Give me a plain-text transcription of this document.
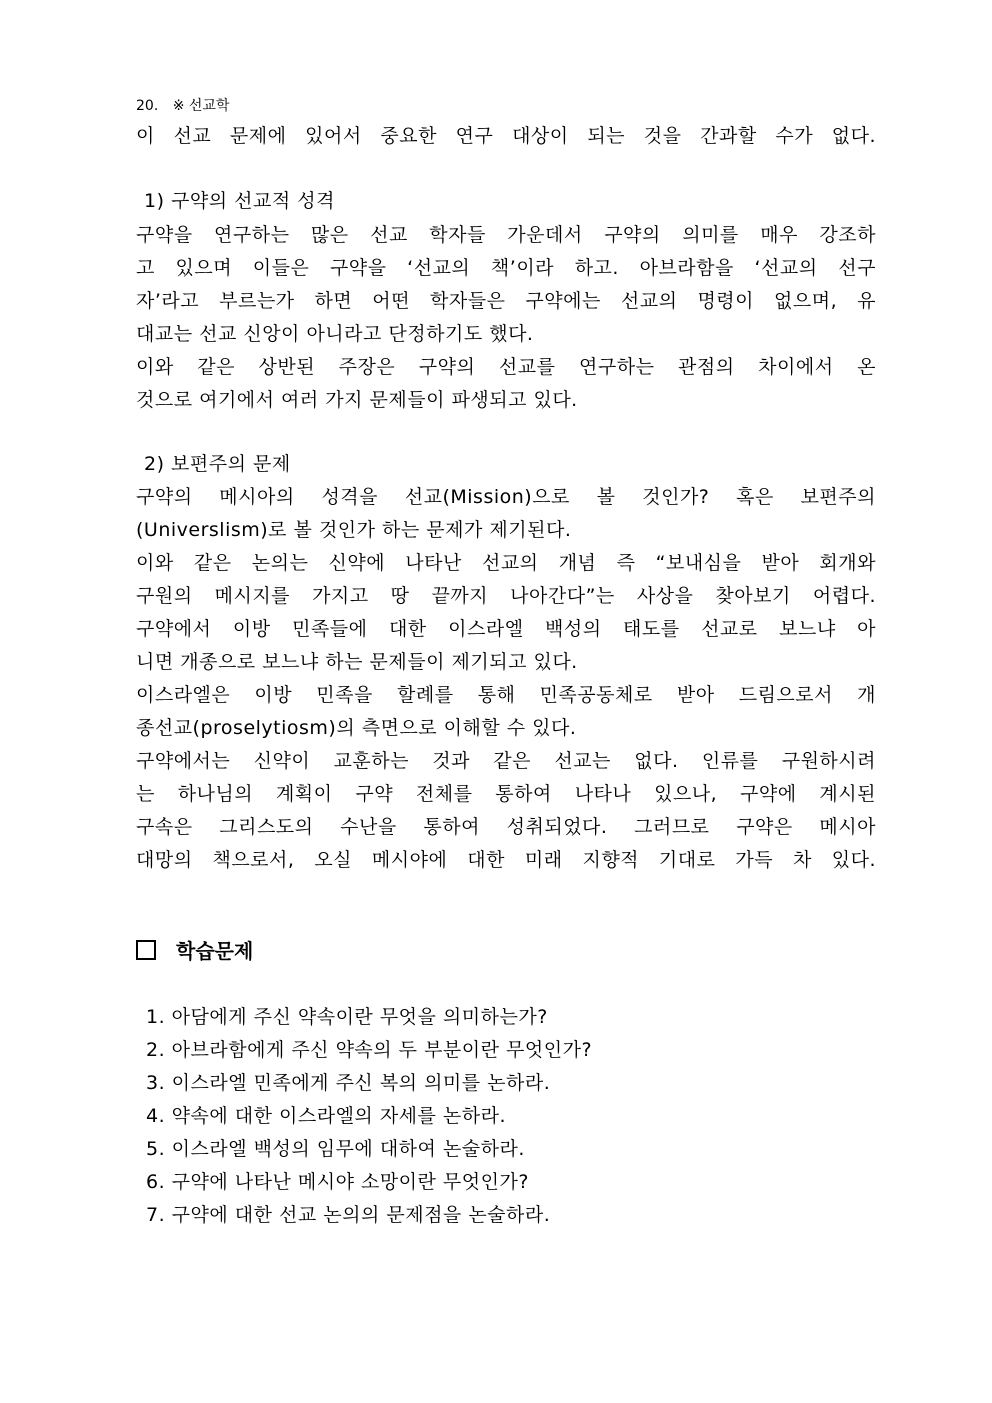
20. ※ 선교학
이 선교 문제에 있어서 중요한 연구 대상이 되는 것을 간과할 수가 없다.
1) 구약의 선교적 성격
구약을 연구하는 많은 선교 학자들 가운데서 구약의 의미를 매우 강조하
고 있으며 이들은 구약을 ‘선교의 책’이라 하고. 아브라함을 ‘선교의 선구
자’라고 부르는가 하면 어떤 학자들은 구약에는 선교의 명령이 없으며, 유
대교는 선교 신앙이 아니라고 단정하기도 했다.
이와 같은 상반된 주장은 구약의 선교를 연구하는 관점의 차이에서 온
것으로 여기에서 여러 가지 문제들이 파생되고 있다.
2) 보편주의 문제
구약의 메시아의 성격을 선교(Mission)으로 볼 것인가? 혹은 보편주의
(Universlism)로 볼 것인가 하는 문제가 제기된다.
이와 같은 논의는 신약에 나타난 선교의 개념 즉 “보내심을 받아 회개와
구원의 메시지를 가지고 땅 끝까지 나아간다”는 사상을 찾아보기 어렵다.
구약에서 이방 민족들에 대한 이스라엘 백성의 태도를 선교로 보느냐 아
니면 개종으로 보느냐 하는 문제들이 제기되고 있다.
이스라엘은 이방 민족을 할례를 통해 민족공동체로 받아 드림으로서 개
종선교(proselytiosm)의 측면으로 이해할 수 있다.
구약에서는 신약이 교훈하는 것과 같은 선교는 없다. 인류를 구원하시려
는 하나님의 계획이 구약 전체를 통하여 나타나 있으나, 구약에 계시된
구속은 그리스도의 수난을 통하여 성취되었다. 그러므로 구약은 메시아
대망의 책으로서, 오실 메시야에 대한 미래 지향적 기대로 가득 차 있다.
학습문제
1. 아담에게 주신 약속이란 무엇을 의미하는가?
2. 아브라함에게 주신 약속의 두 부분이란 무엇인가?
3. 이스라엘 민족에게 주신 복의 의미를 논하라.
4. 약속에 대한 이스라엘의 자세를 논하라.
5. 이스라엘 백성의 임무에 대하여 논술하라.
6. 구약에 나타난 메시야 소망이란 무엇인가?
7. 구약에 대한 선교 논의의 문제점을 논술하라.
